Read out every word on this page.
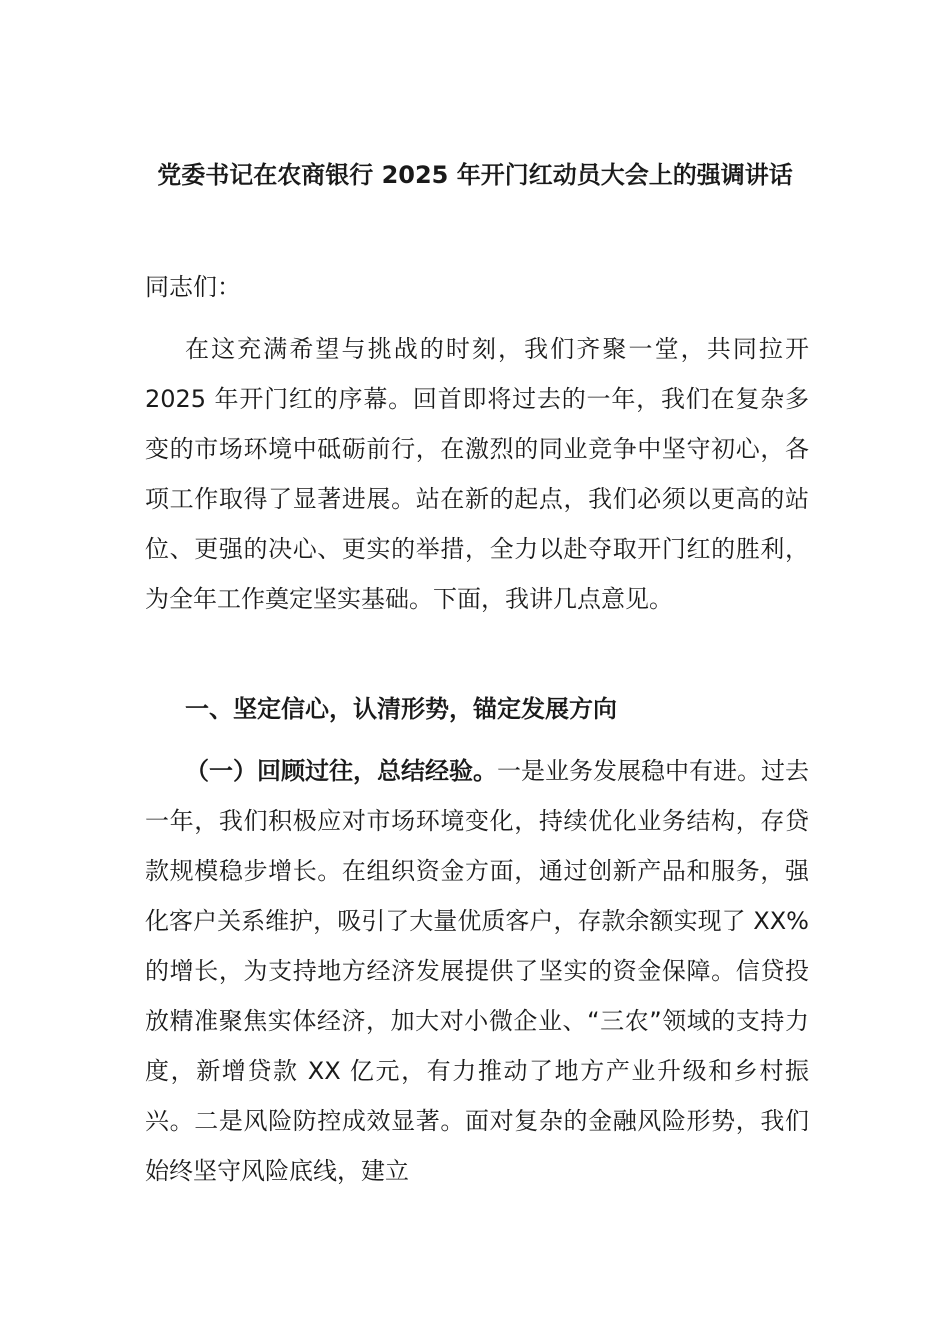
党委书记在农商银行 2025 年开门红动员大会上的强调讲话

同志们：

在这充满希望与挑战的时刻，我们齐聚一堂，共同拉开 2025 年开门红的序幕。回首即将过去的一年，我们在复杂多变的市场环境中砥砺前行，在激烈的同业竞争中坚守初心，各项工作取得了显著进展。站在新的起点，我们必须以更高的站位、更强的决心、更实的举措，全力以赴夺取开门红的胜利，为全年工作奠定坚实基础。下面，我讲几点意见。

一、坚定信心，认清形势，锚定发展方向

（一）回顾过往，总结经验。一是业务发展稳中有进。过去一年，我们积极应对市场环境变化，持续优化业务结构，存贷款规模稳步增长。在组织资金方面，通过创新产品和服务，强化客户关系维护，吸引了大量优质客户，存款余额实现了 XX%的增长，为支持地方经济发展提供了坚实的资金保障。信贷投放精准聚焦实体经济，加大对小微企业、“三农”领域的支持力度，新增贷款 XX 亿元，有力推动了地方产业升级和乡村振兴。二是风险防控成效显著。面对复杂的金融风险形势，我们始终坚守风险底线，建立
